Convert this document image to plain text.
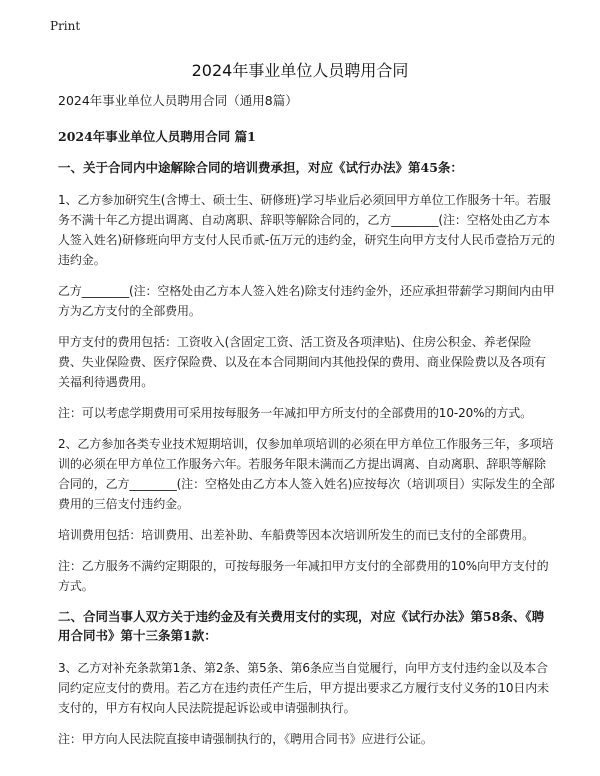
Print
2024年事业单位人员聘用合同
2024年事业单位人员聘用合同（通用8篇）
2024年事业单位人员聘用合同 篇1
一、关于合同内中途解除合同的培训费承担，对应《试行办法》第45条：
1、乙方参加研究生(含博士、硕士生、研修班)学习毕业后必须回甲方单位工作服务十年。若服务不满十年乙方提出调离、自动离职、辞职等解除合同的，乙方________(注：空格处由乙方本人签入姓名)研修班向甲方支付人民币贰-伍万元的违约金，研究生向甲方支付人民币壹拾万元的违约金。
乙方________(注：空格处由乙方本人签入姓名)除支付违约金外，还应承担带薪学习期间内由甲方为乙方支付的全部费用。
甲方支付的费用包括：工资收入(含固定工资、活工资及各项津贴)、住房公积金、养老保险费、失业保险费、医疗保险费、以及在本合同期间内其他投保的费用、商业保险费以及各项有关福利待遇费用。
注：可以考虑学期费用可采用按每服务一年减扣甲方所支付的全部费用的10-20%的方式。
2、乙方参加各类专业技术短期培训，仅参加单项培训的必须在甲方单位工作服务三年，多项培训的必须在甲方单位工作服务六年。若服务年限未满而乙方提出调离、自动离职、辞职等解除合同的，乙方________(注：空格处由乙方本人签入姓名)应按每次（培训项目）实际发生的全部费用的三倍支付违约金。
培训费用包括：培训费用、出差补助、车船费等因本次培训所发生的而已支付的全部费用。
注：乙方服务不满约定期限的，可按每服务一年减扣甲方支付的全部费用的10%向甲方支付的方式。
二、合同当事人双方关于违约金及有关费用支付的实现，对应《试行办法》第58条、《聘用合同书》第十三条第1款：
3、乙方对补充条款第1条、第2条、第5条、第6条应当自觉履行，向甲方支付违约金以及本合同约定应支付的费用。若乙方在违约责任产生后，甲方提出要求乙方履行支付义务的10日内未支付的，甲方有权向人民法院提起诉讼或申请强制执行。
注：甲方向人民法院直接申请强制执行的，《聘用合同书》应进行公证。
